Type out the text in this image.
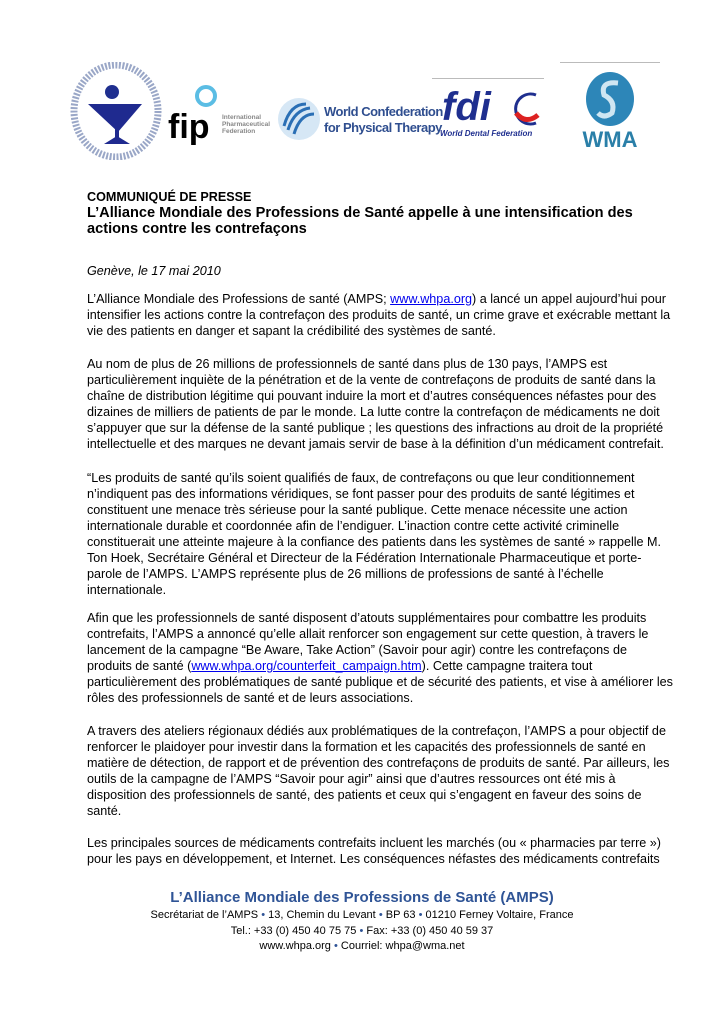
fip International
Pharmaceutical
Federation
World Confederation
for Physical Therapy fdi
World Dental Federation WMA
COMMUNIQUÉ DE PRESSE
L’Alliance Mondiale des Professions de Santé appelle à une intensification des
actions contre les contrefaçons
Genève, le 17 mai 2010
L’Alliance Mondiale des Professions de santé (AMPS; www.whpa.org) a lancé un appel aujourd’hui pour
intensifier les actions contre la contrefaçon des produits de santé, un crime grave et exécrable mettant la
vie des patients en danger et sapant la crédibilité des systèmes de santé.
Au nom de plus de 26 millions de professionnels de santé dans plus de 130 pays, l’AMPS est
particulièrement inquiète de la pénétration et de la vente de contrefaçons de produits de santé dans la
chaîne de distribution légitime qui pouvant induire la mort et d’autres conséquences néfastes pour des
dizaines de milliers de patients de par le monde. La lutte contre la contrefaçon de médicaments ne doit
s’appuyer que sur la défense de la santé publique ; les questions des infractions au droit de la propriété
intellectuelle et des marques ne devant jamais servir de base à la définition d’un médicament contrefait.
“Les produits de santé qu’ils soient qualifiés de faux, de contrefaçons ou que leur conditionnement
n’indiquent pas des informations véridiques, se font passer pour des produits de santé légitimes et
constituent une menace très sérieuse pour la santé publique. Cette menace nécessite une action
internationale durable et coordonnée afin de l’endiguer. L’inaction contre cette activité criminelle
constituerait une atteinte majeure à la confiance des patients dans les systèmes de santé » rappelle M.
Ton Hoek, Secrétaire Général et Directeur de la Fédération Internationale Pharmaceutique et porte-
parole de l’AMPS. L’AMPS représente plus de 26 millions de professions de santé à l’échelle
internationale.
Afin que les professionnels de santé disposent d’atouts supplémentaires pour combattre les produits
contrefaits, l’AMPS a annoncé qu’elle allait renforcer son engagement sur cette question, à travers le
lancement de la campagne “Be Aware, Take Action” (Savoir pour agir) contre les contrefaçons de
produits de santé (www.whpa.org/counterfeit_campaign.htm). Cette campagne traitera tout
particulièrement des problématiques de santé publique et de sécurité des patients, et vise à améliorer les
rôles des professionnels de santé et de leurs associations.
A travers des ateliers régionaux dédiés aux problématiques de la contrefaçon, l’AMPS a pour objectif de
renforcer le plaidoyer pour investir dans la formation et les capacités des professionnels de santé en
matière de détection, de rapport et de prévention des contrefaçons de produits de santé. Par ailleurs, les
outils de la campagne de l’AMPS “Savoir pour agir” ainsi que d’autres ressources ont été mis à
disposition des professionnels de santé, des patients et ceux qui s’engagent en faveur des soins de
santé.
Les principales sources de médicaments contrefaits incluent les marchés (ou « pharmacies par terre »)
pour les pays en développement, et Internet. Les conséquences néfastes des médicaments contrefaits
L’Alliance Mondiale des Professions de Santé (AMPS)
Secrétariat de l’AMPS • 13, Chemin du Levant • BP 63 • 01210 Ferney Voltaire, France
Tel.: +33 (0) 450 40 75 75 • Fax: +33 (0) 450 40 59 37
www.whpa.org • Courriel: whpa@wma.net
